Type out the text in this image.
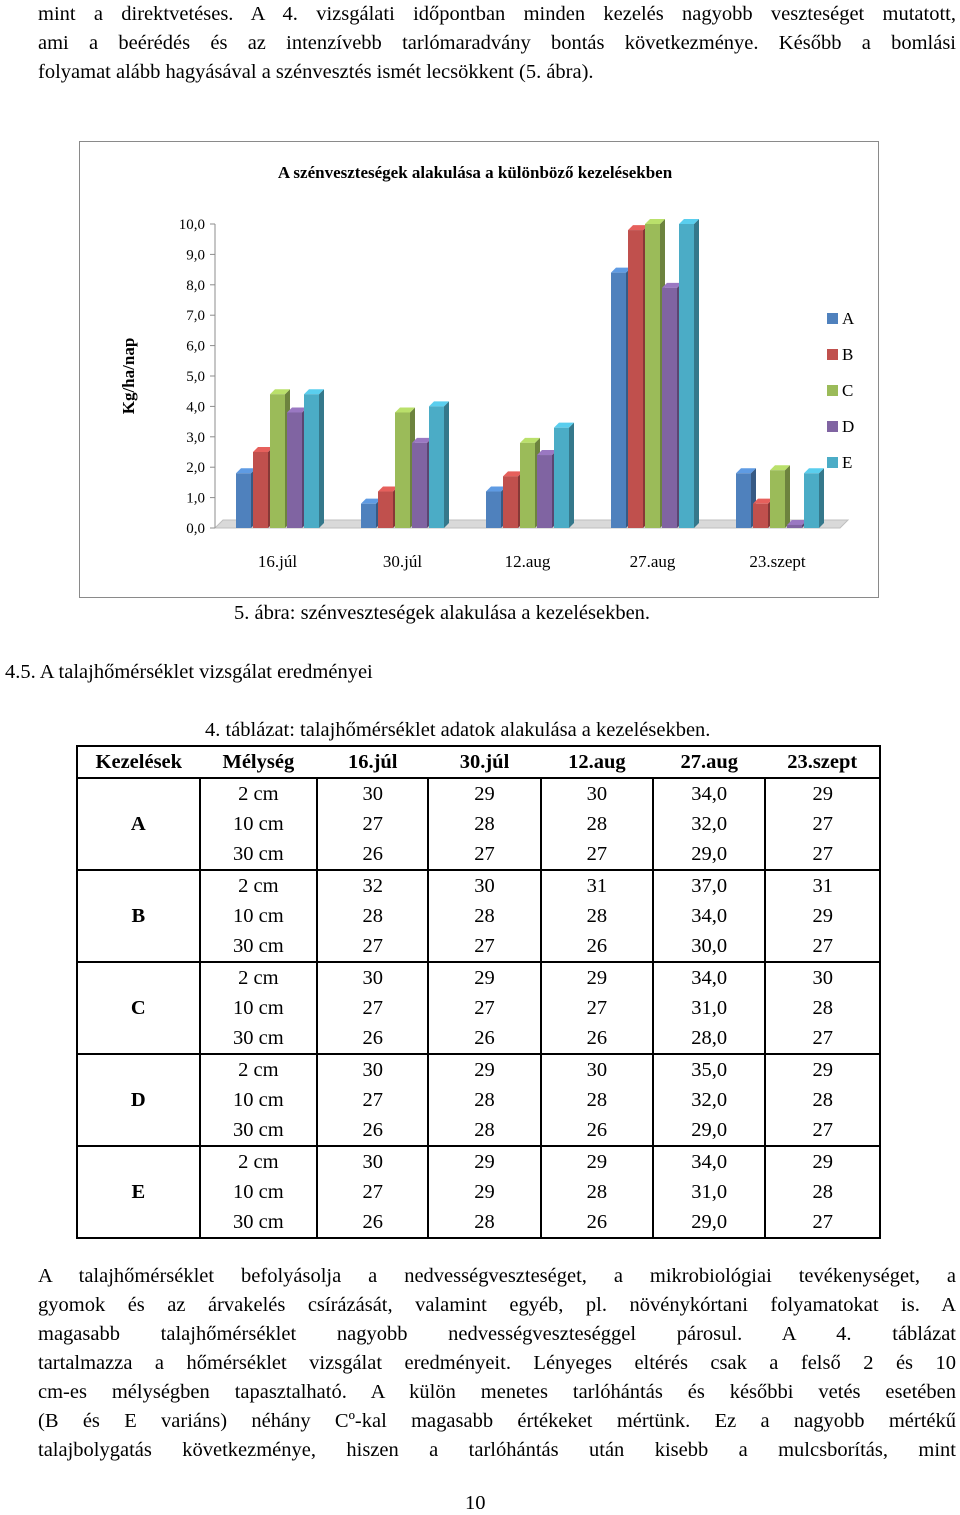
mint a direktvetéses. A 4. vizsgálati időpontban minden kezelés nagyobb veszteséget mutatott,
ami a beérédés és az intenzívebb tarlómaradvány bontás következménye. Később a bomlási
folyamat alább hagyásával a szénvesztés ismét lecsökkent (5. ábra).
A szénveszteségek alakulása a különböző kezelésekben
0,0
1,0
2,0
3,0
4,0
5,0
6,0
7,0
8,0
9,0
10,0
Kg/ha/nap
16.júl	30.júl	12.aug	27.aug	23.szept
A
B
C
D
E
5. ábra: szénveszteségek alakulása a kezelésekben.
4.5. A talajhőmérséklet vizsgálat eredményei
4. táblázat: talajhőmérséklet adatok alakulása a kezelésekben.
Kezelések	Mélység	16.júl	30.júl	12.aug	27.aug	23.szept
A	2 cm	30	29	30	34,0	29
	10 cm	27	28	28	32,0	27
	30 cm	26	27	27	29,0	27
B	2 cm	32	30	31	37,0	31
	10 cm	28	28	28	34,0	29
	30 cm	27	27	26	30,0	27
C	2 cm	30	29	29	34,0	30
	10 cm	27	27	27	31,0	28
	30 cm	26	26	26	28,0	27
D	2 cm	30	29	30	35,0	29
	10 cm	27	28	28	32,0	28
	30 cm	26	28	26	29,0	27
E	2 cm	30	29	29	34,0	29
	10 cm	27	29	28	31,0	28
	30 cm	26	28	26	29,0	27
A talajhőmérséklet befolyásolja a nedvességveszteséget, a mikrobiológiai tevékenységet, a
gyomok és az árvakelés csírázását, valamint egyéb, pl. növénykórtani folyamatokat is. A
magasabb talajhőmérséklet nagyobb nedvességveszteséggel párosul. A 4. táblázat
tartalmazza a hőmérséklet vizsgálat eredményeit. Lényeges eltérés csak a felső 2 és 10
cm-es mélységben tapasztalható. A külön menetes tarlóhántás és későbbi vetés esetében
(B és E variáns) néhány Cº-kal magasabb értékeket mértünk. Ez a nagyobb mértékű
talajbolygatás következménye, hiszen a tarlóhántás után kisebb a mulcsborítás, mint
10
